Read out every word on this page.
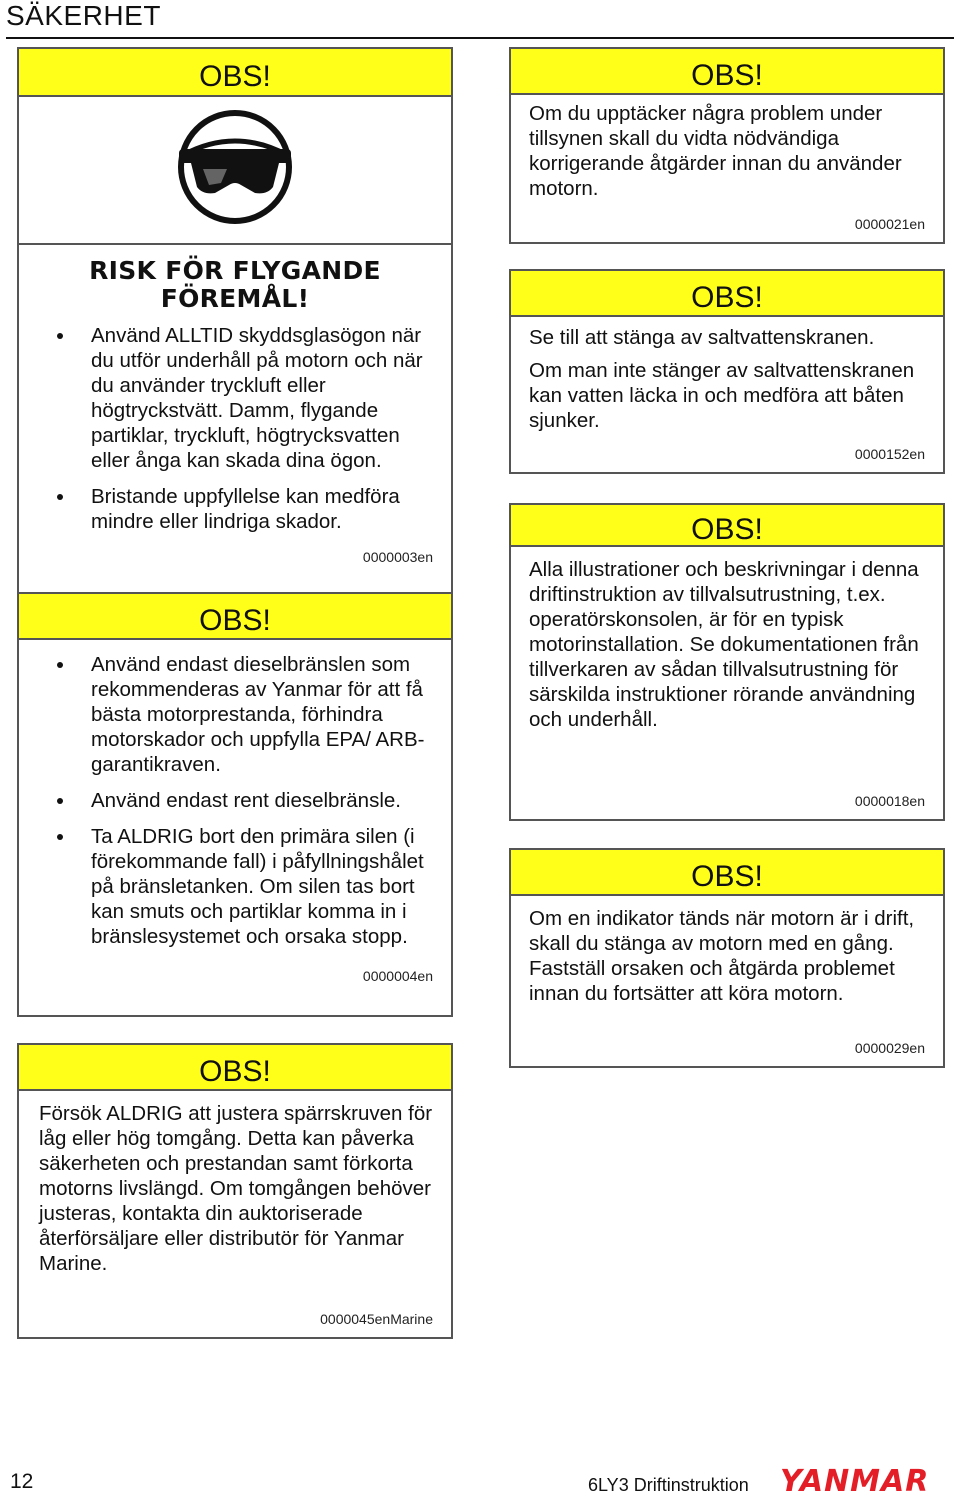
SÄKERHET
OBS!
RISK FÖR FLYGANDE
FÖREMÅL!
Använd ALLTID skyddsglasögon när du utför underhåll på motorn och när du använder tryckluft eller högtryckstvätt. Damm, flygande partiklar, tryckluft, högtrycksvatten eller ånga kan skada dina ögon.
Bristande uppfyllelse kan medföra mindre eller lindriga skador.
0000003en
OBS!
Använd endast dieselbränslen som rekommenderas av Yanmar för att få bästa motorprestanda, förhindra motorskador och uppfylla EPA/ ARB-garantikraven.
Använd endast rent dieselbränsle.
Ta ALDRIG bort den primära silen (i förekommande fall) i påfyllningshålet på bränsletanken. Om silen tas bort kan smuts och partiklar komma in i bränslesystemet och orsaka stopp.
0000004en
OBS!

Försök ALDRIG att justera spärrskruven för låg eller hög tomgång. Detta kan påverka säkerheten och prestandan samt förkorta motorns livslängd. Om tomgången behöver justeras, kontakta din auktoriserade återförsäljare eller distributör för Yanmar Marine.

0000045enMarine
OBS!

Om du upptäcker några problem under tillsynen skall du vidta nödvändiga korrigerande åtgärder innan du använder motorn.

0000021en
OBS!

Se till att stänga av saltvattenskranen.

Om man inte stänger av saltvattenskranen kan vatten läcka in och medföra att båten sjunker.

0000152en
OBS!

Alla illustrationer och beskrivningar i denna driftinstruktion av tillvalsutrustning, t.ex. operatörskonsolen, är för en typisk motorinstallation. Se dokumentationen från tillverkaren av sådan tillvalsutrustning för särskilda instruktioner rörande användning och underhåll.

0000018en
OBS!

Om en indikator tänds när motorn är i drift, skall du stänga av motorn med en gång. Fastställ orsaken och åtgärda problemet innan du fortsätter att köra motorn.

0000029en
12	6LY3 Driftinstruktion YANMAR
